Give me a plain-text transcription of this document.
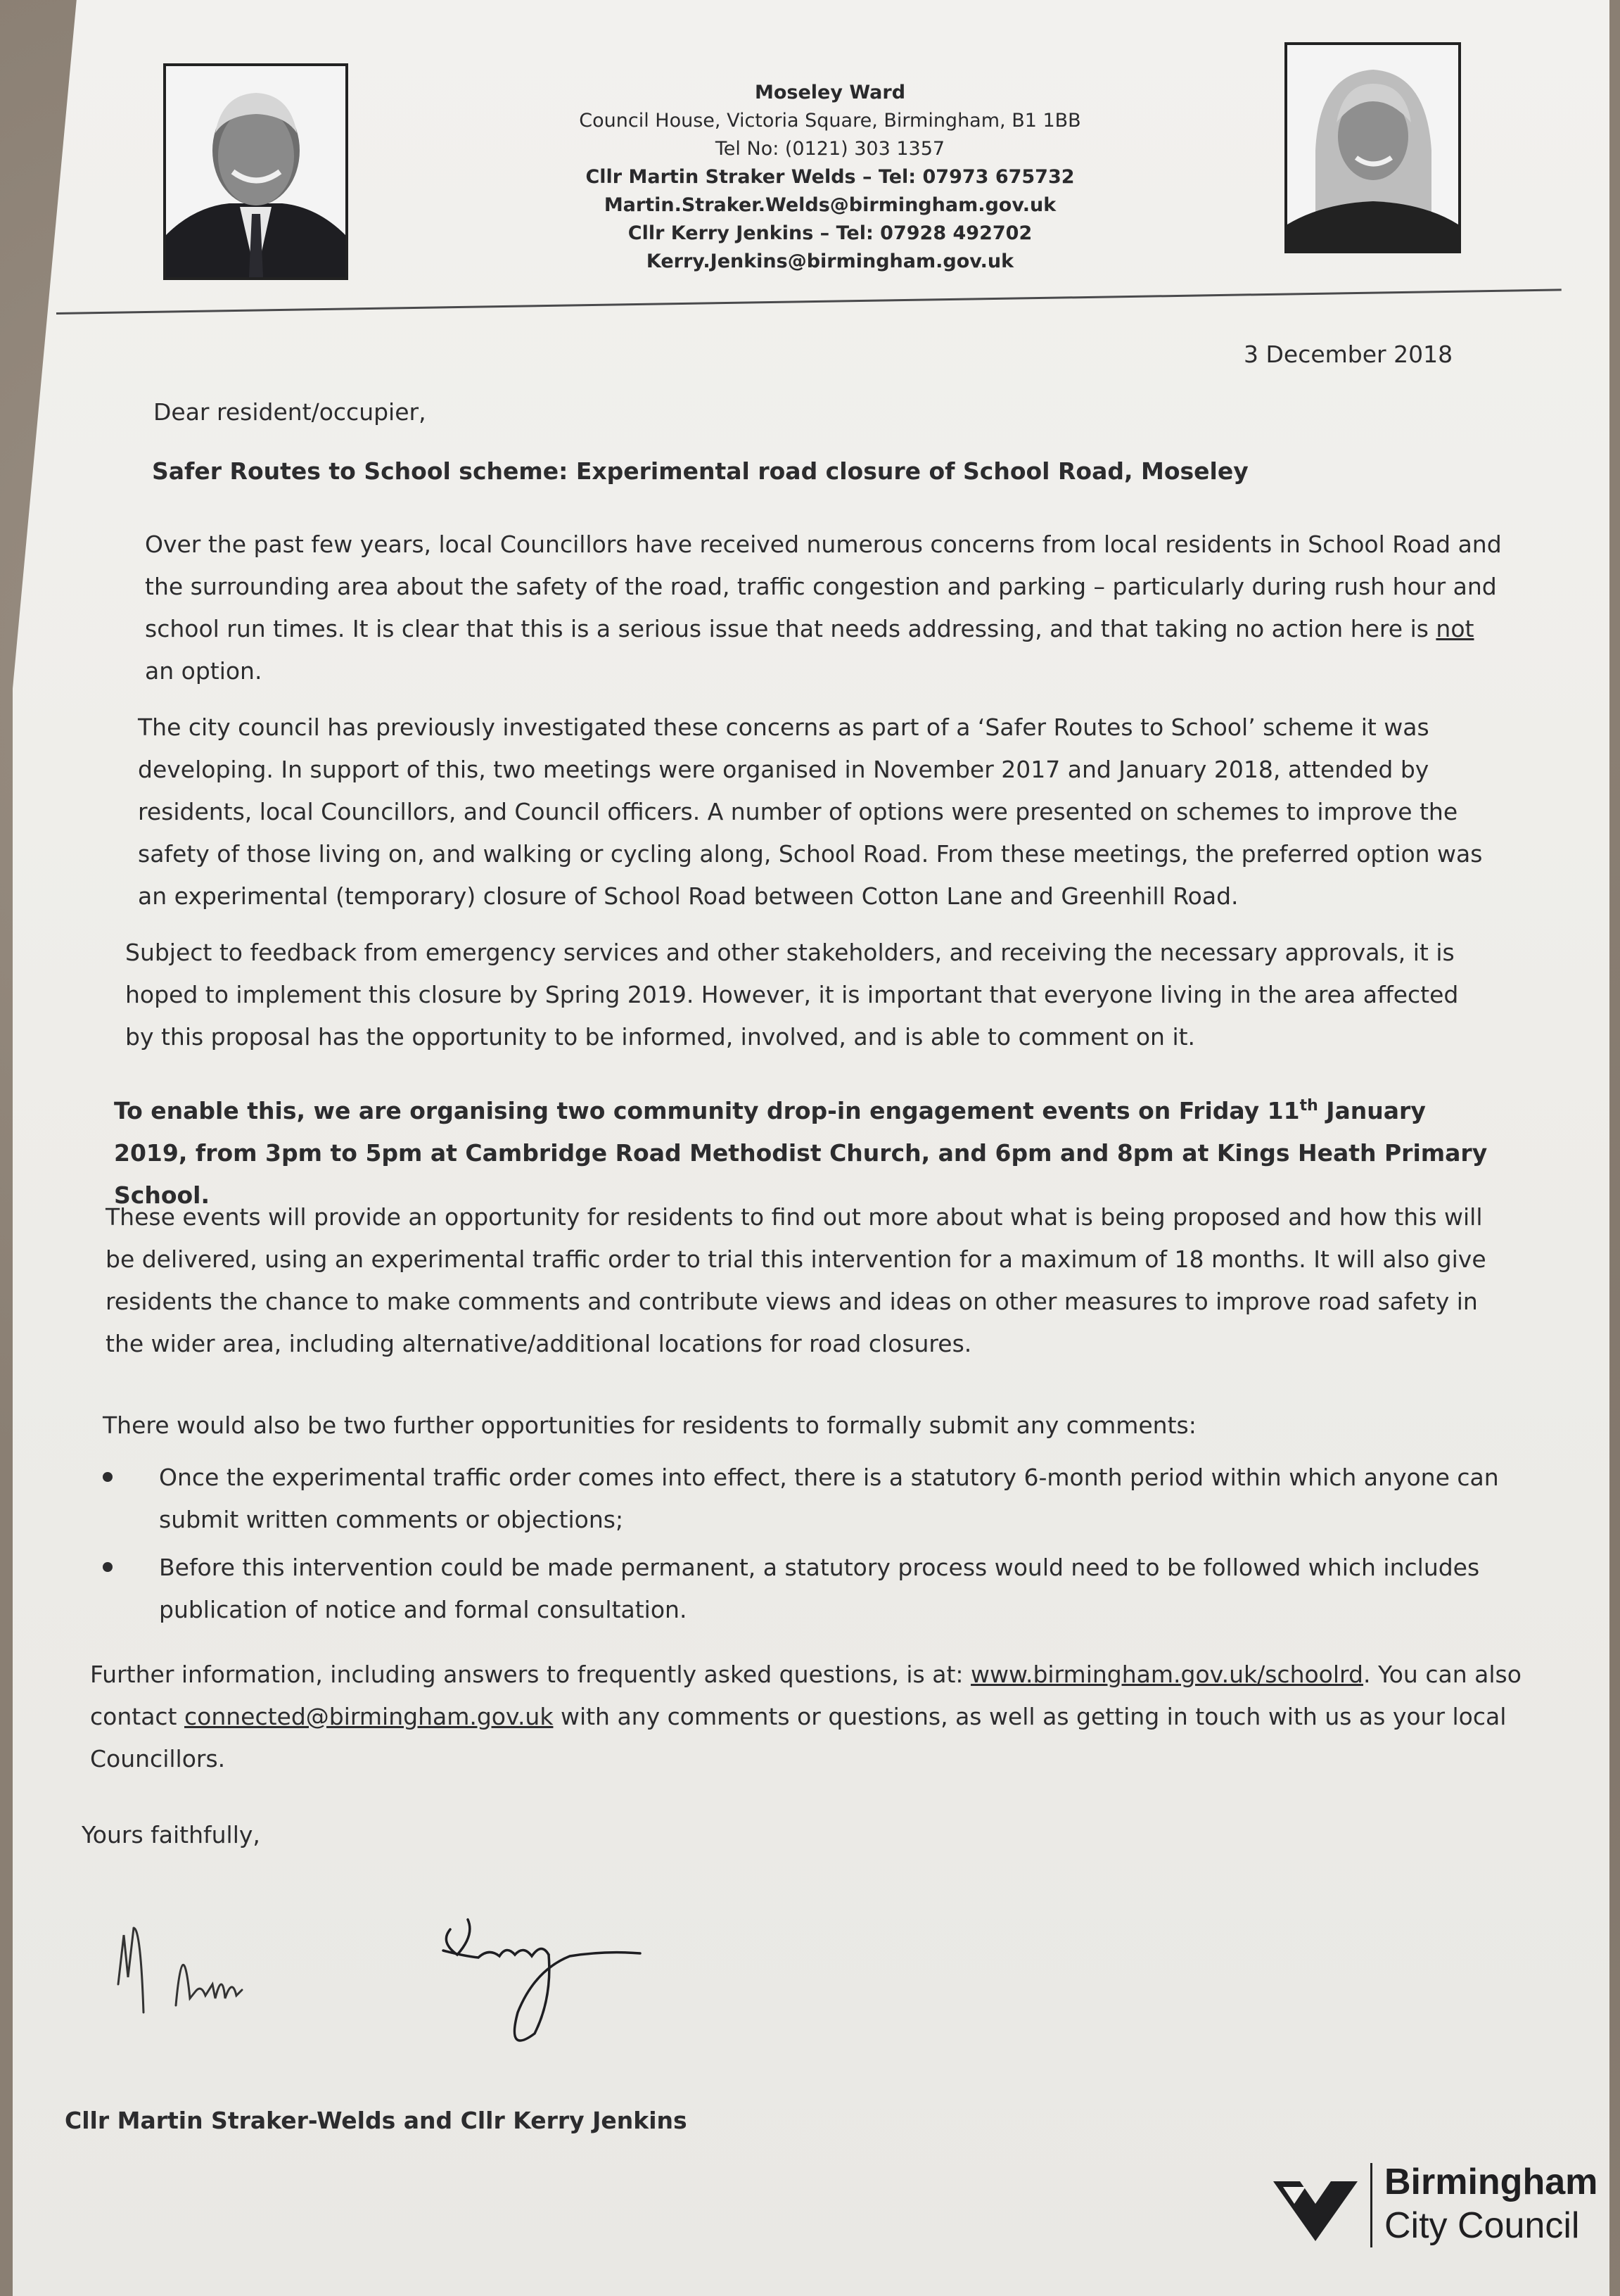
Moseley Ward
Council House, Victoria Square, Birmingham, B1 1BB
Tel No: (0121) 303 1357
Cllr Martin Straker Welds – Tel: 07973 675732
Martin.Straker.Welds@birmingham.gov.uk
Cllr Kerry Jenkins – Tel: 07928 492702
Kerry.Jenkins@birmingham.gov.uk
3 December 2018
Dear resident/occupier,
Safer Routes to School scheme: Experimental road closure of School Road, Moseley
Over the past few years, local Councillors have received numerous concerns from local residents in School Road and the surrounding area about the safety of the road, traffic congestion and parking – particularly during rush hour and school run times. It is clear that this is a serious issue that needs addressing, and that taking no action here is not an option.
The city council has previously investigated these concerns as part of a ‘Safer Routes to School’ scheme it was developing. In support of this, two meetings were organised in November 2017 and January 2018, attended by residents, local Councillors, and Council officers. A number of options were presented on schemes to improve the safety of those living on, and walking or cycling along, School Road. From these meetings, the preferred option was an experimental (temporary) closure of School Road between Cotton Lane and Greenhill Road.
Subject to feedback from emergency services and other stakeholders, and receiving the necessary approvals, it is hoped to implement this closure by Spring 2019. However, it is important that everyone living in the area affected by this proposal has the opportunity to be informed, involved, and is able to comment on it.
To enable this, we are organising two community drop-in engagement events on Friday 11th January 2019, from 3pm to 5pm at Cambridge Road Methodist Church, and 6pm and 8pm at Kings Heath Primary School.
These events will provide an opportunity for residents to find out more about what is being proposed and how this will be delivered, using an experimental traffic order to trial this intervention for a maximum of 18 months. It will also give residents the chance to make comments and contribute views and ideas on other measures to improve road safety in the wider area, including alternative/additional locations for road closures.
There would also be two further opportunities for residents to formally submit any comments:
Once the experimental traffic order comes into effect, there is a statutory 6-month period within which anyone can submit written comments or objections;
Before this intervention could be made permanent, a statutory process would need to be followed which includes publication of notice and formal consultation.
Further information, including answers to frequently asked questions, is at: www.birmingham.gov.uk/schoolrd. You can also contact connected@birmingham.gov.uk with any comments or questions, as well as getting in touch with us as your local Councillors.
Yours faithfully,
Cllr Martin Straker-Welds and Cllr Kerry Jenkins
Birmingham
City Council
